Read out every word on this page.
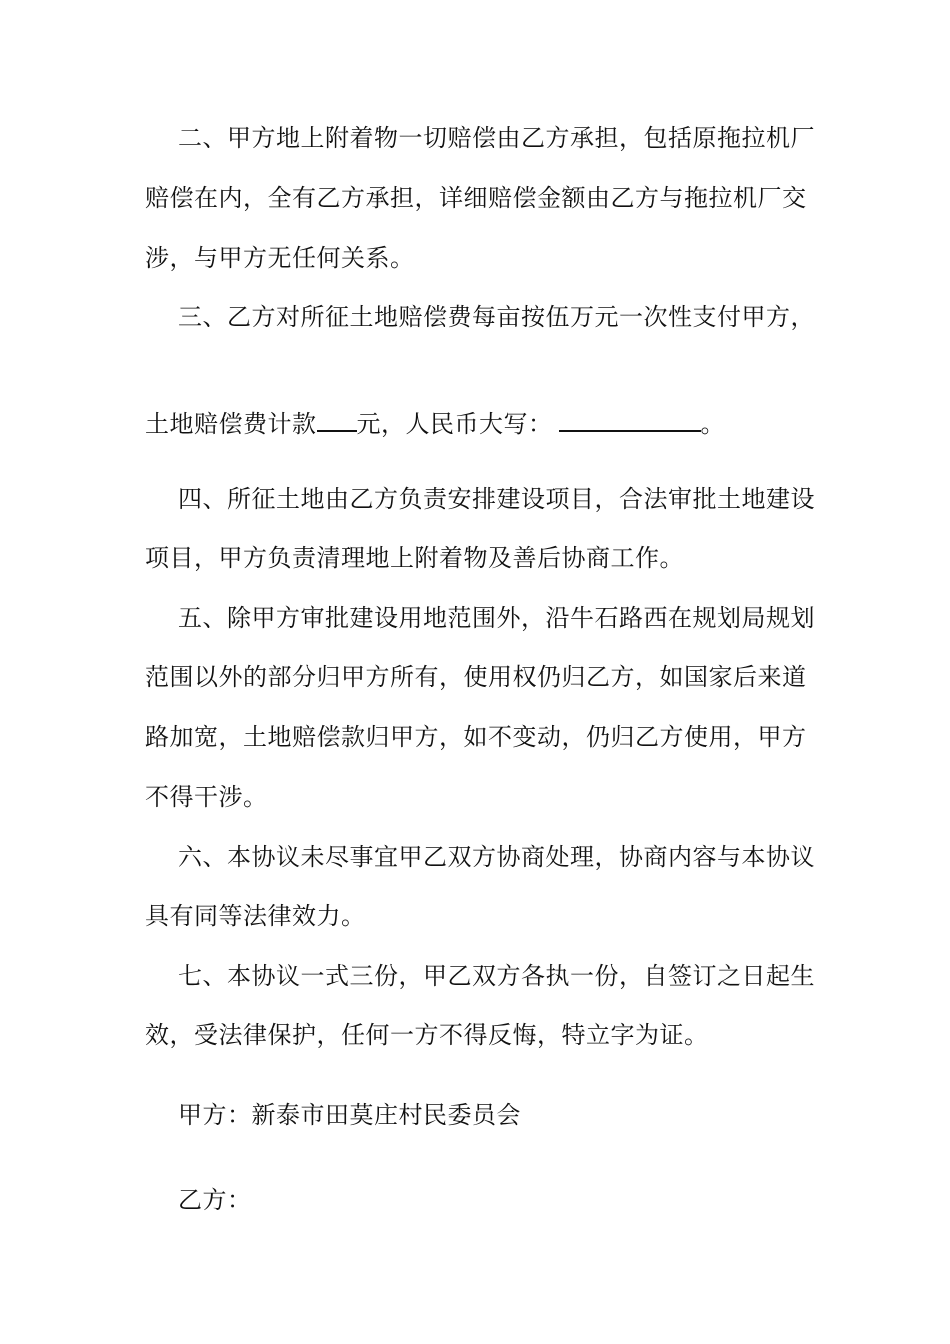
二、甲方地上附着物一切赔偿由乙方承担，包括原拖拉机厂
赔偿在内，全有乙方承担，详细赔偿金额由乙方与拖拉机厂交
涉，与甲方无任何关系。
三、乙方对所征土地赔偿费每亩按伍万元一次性支付甲方，
土地赔偿费计款 元，人民币大写：	。
四、所征土地由乙方负责安排建设项目，合法审批土地建设
项目，甲方负责清理地上附着物及善后协商工作。
五、除甲方审批建设用地范围外，沿牛石路西在规划局规划
范围以外的部分归甲方所有，使用权仍归乙方，如国家后来道
路加宽，土地赔偿款归甲方，如不变动，仍归乙方使用，甲方
不得干涉。
六、本协议未尽事宜甲乙双方协商处理，协商内容与本协议
具有同等法律效力。
七、本协议一式三份，甲乙双方各执一份，自签订之日起生
效，受法律保护，任何一方不得反悔，特立字为证。
甲方：新泰市田莫庄村民委员会
乙方：
